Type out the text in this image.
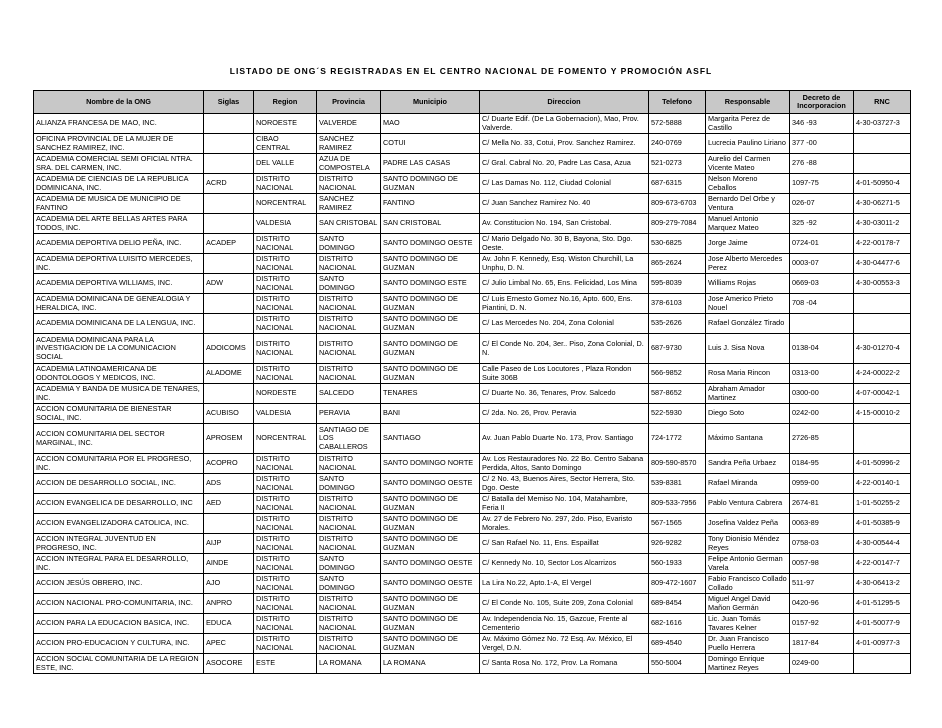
LISTADO DE ONG´S REGISTRADAS EN EL CENTRO NACIONAL DE FOMENTO Y PROMOCIÓN ASFL
Nombre de la ONG	Siglas	Region	Provincia	Municipio	Direccion	Telefono	Responsable	Decreto de Incorporacion	RNC
ALIANZA FRANCESA DE MAO, INC.		NOROESTE	VALVERDE	MAO	C/ Duarte Edif. (De La Gobernacion), Mao, Prov. Valverde.	572-5888	Margarita Perez de Castillo	346 -93	4-30-03727-3
OFICINA PROVINCIAL DE LA MUJER DE SANCHEZ RAMIREZ, INC.		CIBAO CENTRAL	SANCHEZ RAMIREZ	COTUI	C/ Mella No. 33, Cotui, Prov. Sanchez Ramirez.	240-0769	Lucrecia Paulino Liriano	377 -00	
ACADEMIA COMERCIAL SEMI OFICIAL NTRA. SRA. DEL CARMEN, INC.		DEL VALLE	AZUA DE COMPOSTELA	PADRE LAS CASAS	C/ Gral. Cabral No. 20, Padre Las Casa, Azua	521-0273	Aurelio del Carmen Vicente Mateo	276 -88	
ACADEMIA DE CIENCIAS DE LA REPUBLICA DOMINICANA, INC.	ACRD	DISTRITO NACIONAL	DISTRITO NACIONAL	SANTO DOMINGO DE GUZMAN	C/ Las Damas No. 112, Ciudad Colonial	687-6315	Nelson Moreno Ceballos	1097-75	4-01-50950-4
ACADEMIA DE MUSICA DE MUNICIPIO DE FANTINO		NORCENTRAL	SANCHEZ RAMIREZ	FANTINO	C/ Juan Sanchez Ramirez No. 40	809-673-6703	Bernardo Del Orbe y Ventura	026-07	4-30-06271-5
ACADEMIA DEL ARTE BELLAS ARTES PARA TODOS, INC.		VALDESIA	SAN CRISTOBAL	SAN CRISTOBAL	Av. Constitucion No. 194, San Cristobal.	809-279-7084	Manuel Antonio Marquez Mateo	325 -92	4-30-03011-2
ACADEMIA DEPORTIVA DELIO PEÑA, INC.	ACADEP	DISTRITO NACIONAL	SANTO DOMINGO	SANTO DOMINGO OESTE	C/ Mario Delgado No. 30 B, Bayona, Sto. Dgo. Oeste.	530-6825	Jorge Jaime	0724-01	4-22-00178-7
ACADEMIA DEPORTIVA LUISITO MERCEDES, INC.		DISTRITO NACIONAL	DISTRITO NACIONAL	SANTO DOMINGO DE GUZMAN	Av. John F. Kennedy, Esq. Wiston Churchill, La Unphu, D. N.	865-2624	Jose Alberto Mercedes Perez	0003-07	4-30-04477-6
ACADEMIA DEPORTIVA WILLIAMS, INC.	ADW	DISTRITO NACIONAL	SANTO DOMINGO	SANTO DOMINGO ESTE	C/ Julio Limbal No. 65, Ens. Felicidad, Los Mina	595-8039	Williams Rojas	0669-03	4-30-00553-3
ACADEMIA DOMINICANA DE GENEALOGIA Y HERALDICA, INC.		DISTRITO NACIONAL	DISTRITO NACIONAL	SANTO DOMINGO DE GUZMAN	C/ Luis Ernesto Gomez No.16, Apto. 600, Ens. Piantini, D. N.	378-6103	Jose Americo Prieto Nouel	708 -04	
ACADEMIA DOMINICANA DE LA LENGUA, INC.		DISTRITO NACIONAL	DISTRITO NACIONAL	SANTO DOMINGO DE GUZMAN	C/ Las Mercedes No. 204, Zona Colonial	535-2626	Rafael González Tirado		
ACADEMIA DOMINICANA PARA LA INVESTIGACION DE LA COMUNICACION SOCIAL	ADOICOMS	DISTRITO NACIONAL	DISTRITO NACIONAL	SANTO DOMINGO DE GUZMAN	C/ El Conde No. 204, 3er.. Piso, Zona Colonial, D. N.	687-9730	Luis J. Sisa Nova	0138-04	4-30-01270-4
ACADEMIA LATINOAMERICANA DE ODONTOLOGOS Y MEDICOS, INC.	ALADOME	DISTRITO NACIONAL	DISTRITO NACIONAL	SANTO DOMINGO DE GUZMAN	Calle Paseo de Los Locutores , Plaza Rondon Suite 306B	566-9852	Rosa Maria Rincon	0313-00	4-24-00022-2
ACADEMIA Y BANDA DE MUSICA DE TENARES, INC.		NORDESTE	SALCEDO	TENARES	C/ Duarte No. 36, Tenares, Prov. Salcedo	587-8652	Abraham Amador Martinez	0300-00	4-07-00042-1
ACCION COMUNITARIA DE BIENESTAR SOCIAL, INC.	ACUBISO	VALDESIA	PERAVIA	BANI	C/ 2da. No. 26, Prov. Peravia	522-5930	Diego Soto	0242-00	4-15-00010-2
ACCION COMUNITARIA DEL SECTOR MARGINAL, INC.	APROSEM	NORCENTRAL	SANTIAGO DE LOS CABALLEROS	SANTIAGO	Av. Juan Pablo Duarte No. 173, Prov. Santiago	724-1772	Máximo Santana	2726-85	
ACCION COMUNITARIA POR EL PROGRESO, INC.	ACOPRO	DISTRITO NACIONAL	DISTRITO NACIONAL	SANTO DOMINGO NORTE	Av. Los Restauradores No. 22 Bo. Centro Sabana Perdida, Altos, Santo Domingo	809-590-8570	Sandra Peña Urbaez	0184-95	4-01-50996-2
ACCION DE DESARROLLO SOCIAL, INC.	ADS	DISTRITO NACIONAL	SANTO DOMINGO	SANTO DOMINGO OESTE	C/ 2 No. 43, Buenos Aires, Sector Herrera, Sto. Dgo. Oeste	539-8381	Rafael Miranda	0959-00	4-22-00140-1
ACCION EVANGELICA DE DESARROLLO, INC	AED	DISTRITO NACIONAL	DISTRITO NACIONAL	SANTO DOMINGO DE GUZMAN	C/ Batalla del Memiso No. 104, Matahambre, Feria II	809-533-7956	Pablo Ventura Cabrera	2674-81	1-01-50255-2
ACCION EVANGELIZADORA CATOLICA, INC.		DISTRITO NACIONAL	DISTRITO NACIONAL	SANTO DOMINGO DE GUZMAN	Av. 27 de Febrero No. 297, 2do. Piso, Evaristo Morales.	567-1565	Josefina Valdez Peña	0063-89	4-01-50385-9
ACCION INTEGRAL JUVENTUD EN PROGRESO, INC.	AIJP	DISTRITO NACIONAL	DISTRITO NACIONAL	SANTO DOMINGO DE GUZMAN	C/ San Rafael No. 11, Ens. Espaillat	926-9282	Tony Dionisio Méndez Reyes	0758-03	4-30-00544-4
ACCION INTEGRAL PARA EL DESARROLLO, INC.	AINDE	DISTRITO NACIONAL	SANTO DOMINGO	SANTO DOMINGO OESTE	C/ Kennedy No. 10, Sector Los Alcarrizos	560-1933	Felipe Antonio German Varela	0057-98	4-22-00147-7
ACCION JESÚS OBRERO, INC.	AJO	DISTRITO NACIONAL	SANTO DOMINGO	SANTO DOMINGO OESTE	La Lira No.22, Apto.1-A, El Vergel	809-472-1607	Fabio Francisco Collado Collado	511-97	4-30-06413-2
ACCION NACIONAL PRO-COMUNITARIA, INC.	ANPRO	DISTRITO NACIONAL	DISTRITO NACIONAL	SANTO DOMINGO DE GUZMAN	C/ El Conde No. 105, Suite 209, Zona Colonial	689-8454	Miguel Angel David Mañon Germán	0420-96	4-01-51295-5
ACCION PARA LA EDUCACION BASICA, INC.	EDUCA	DISTRITO NACIONAL	DISTRITO NACIONAL	SANTO DOMINGO DE GUZMAN	Av. Independencia No. 15, Gazcue, Frente al Cementerio	682-1616	Lic. Juan Tomás Tavares Kelner	0157-92	4-01-50077-9
ACCION PRO-EDUCACION Y CULTURA, INC.	APEC	DISTRITO NACIONAL	DISTRITO NACIONAL	SANTO DOMINGO DE GUZMAN	Av. Máximo Gómez No. 72 Esq. Av. México, El Vergel, D.N.	689-4540	Dr. Juan Francisco Puello Herrera	1817-84	4-01-00977-3
ACCION SOCIAL COMUNITARIA DE LA REGION ESTE, INC.	ASOCORE	ESTE	LA ROMANA	LA ROMANA	C/ Santa Rosa No. 172, Prov. La Romana	550-5004	Domingo Enrique Martinez Reyes	0249-00	
